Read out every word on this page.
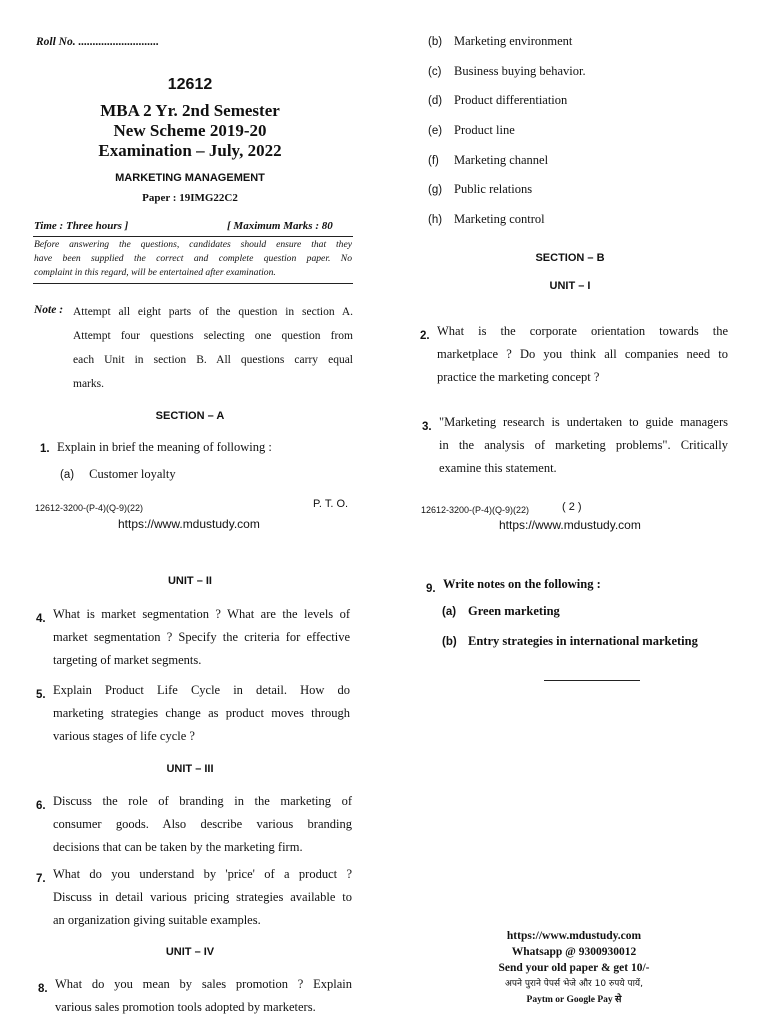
Roll No. ............................
12612
MBA 2 Yr. 2nd Semester
New Scheme 2019-20
Examination – July, 2022
MARKETING MANAGEMENT
Paper : 19IMG22C2
Time : Three hours ]	[ Maximum Marks : 80
Before answering the questions, candidates should ensure that they
have been supplied the correct and complete question paper. No
complaint in this regard, will be entertained after examination.
Note : Attempt all eight parts of the question in section A.
Attempt four questions selecting one question from
each Unit in section B. All questions carry equal
marks.
SECTION – A
1. Explain in brief the meaning of following :
(a) Customer loyalty
12612-3200-(P-4)(Q-9)(22)	P. T. O.
https://www.mdustudy.com
(b) Marketing environment
(c) Business buying behavior.
(d) Product differentiation
(e) Product line
(f) Marketing channel
(g) Public relations
(h) Marketing control
SECTION – B
UNIT – I
2. What is the corporate orientation towards the
marketplace ? Do you think all companies need to
practice the marketing concept ?
3. "Marketing research is undertaken to guide managers
in the analysis of marketing problems". Critically
examine this statement.
12612-3200-(P-4)(Q-9)(22)	( 2 )
https://www.mdustudy.com
UNIT – II
4. What is market segmentation ? What are the levels of
market segmentation ? Specify the criteria for effective
targeting of market segments.
5. Explain Product Life Cycle in detail. How do
marketing strategies change as product moves through
various stages of life cycle ?
UNIT – III
6. Discuss the role of branding in the marketing of
consumer goods. Also describe various branding
decisions that can be taken by the marketing firm.
7. What do you understand by 'price' of a product ?
Discuss in detail various pricing strategies available to
an organization giving suitable examples.
UNIT – IV
8. What do you mean by sales promotion ? Explain
various sales promotion tools adopted by marketers.
9. Write notes on the following :
(a) Green marketing
(b) Entry strategies in international marketing
https://www.mdustudy.com
Whatsapp @ 9300930012
Send your old paper & get 10/-
अपने पुराने पेपर्स भेजे और 10 रुपये पायें,
Paytm or Google Pay से
